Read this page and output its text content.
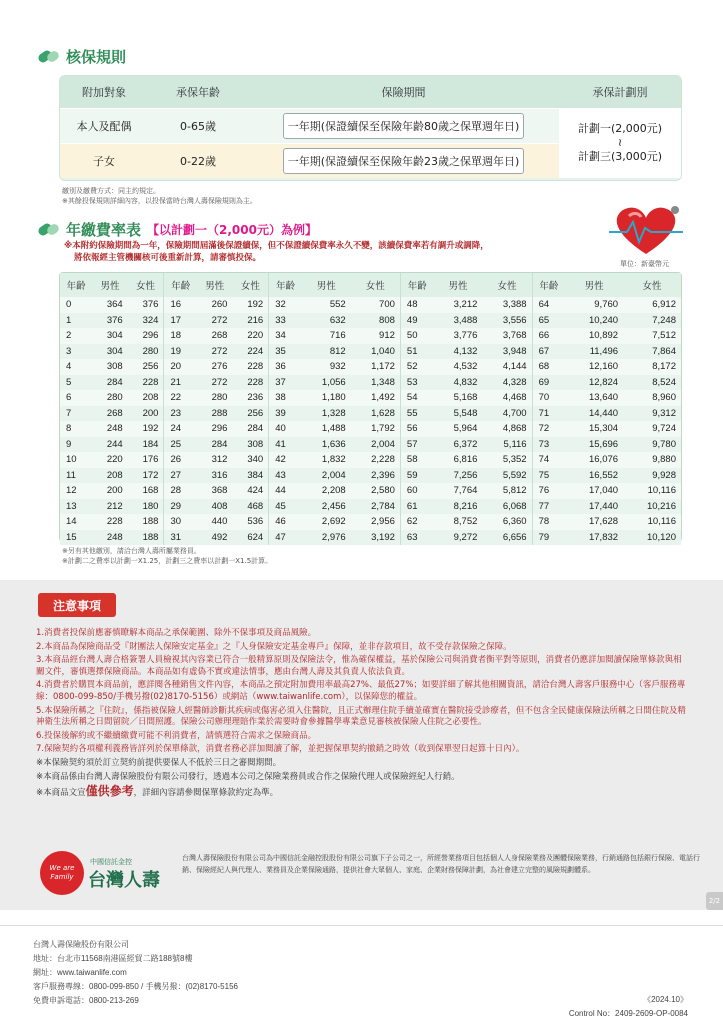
核保規則
附加對象	承保年齡	保險期間	承保計劃別
本人及配偶	0-65歲	一年期(保證續保至保險年齡80歲之保單週年日)	計劃一(2,000元)
≀
計劃三(3,000元)

子女	0-22歲	一年期(保證續保至保險年齡23歲之保單週年日)	
繳別及繳費方式：同主約規定。
※其餘投保規則詳細內容，以投保當時台灣人壽保險規則為主。
年繳費率表 【以計劃一（2,000元）為例】
※本附約保險期間為一年，保險期間屆滿後保證續保，但不保證續保費率永久不變，該續保費率若有調升或調降，
將依報經主管機關核可後重新計算，請審慎投保。
單位：新臺幣元
年齡	男性	女性	年齡	男性	女性	年齡	男性	女性	年齡	男性	女性	年齡	男性	女性
0	364	376	16	260	192	32	552	700	48	3,212	3,388	64	9,760	6,912
1	376	324	17	272	216	33	632	808	49	3,488	3,556	65	10,240	7,248
2	304	296	18	268	220	34	716	912	50	3,776	3,768	66	10,892	7,512
3	304	280	19	272	224	35	812	1,040	51	4,132	3,948	67	11,496	7,864
4	308	256	20	276	228	36	932	1,172	52	4,532	4,144	68	12,160	8,172
5	284	228	21	272	228	37	1,056	1,348	53	4,832	4,328	69	12,824	8,524
6	280	208	22	280	236	38	1,180	1,492	54	5,168	4,468	70	13,640	8,960
7	268	200	23	288	256	39	1,328	1,628	55	5,548	4,700	71	14,440	9,312
8	248	192	24	296	284	40	1,488	1,792	56	5,964	4,868	72	15,304	9,724
9	244	184	25	284	308	41	1,636	2,004	57	6,372	5,116	73	15,696	9,780
10	220	176	26	312	340	42	1,832	2,228	58	6,816	5,352	74	16,076	9,880
11	208	172	27	316	384	43	2,004	2,396	59	7,256	5,592	75	16,552	9,928
12	200	168	28	368	424	44	2,208	2,580	60	7,764	5,812	76	17,040	10,116
13	212	180	29	408	468	45	2,456	2,784	61	8,216	6,068	77	17,440	10,216
14	228	188	30	440	536	46	2,692	2,956	62	8,752	6,360	78	17,628	10,116
15	248	188	31	492	624	47	2,976	3,192	63	9,272	6,656	79	17,832	10,120
※另有其他繳別，請洽台灣人壽所屬業務員。
※計劃二之費率以計劃一X1.25，計劃三之費率以計劃一X1.5計算。
注意事項

1.消費者投保前應審慎瞭解本商品之承保範圍、除外不保事項及商品風險。

2.本商品為保險商品受『財團法人保險安定基金』之『人身保險安定基金專戶』保障，並非存款項目，故不受存款保險之保障。

3.本商品經台灣人壽合格簽署人員檢視其內容業已符合一般精算原則及保險法令，惟為確保權益，基於保險公司與消費者衡平對等原則，消費者仍應詳加閱讀保險單條款與相關文件，審慎選擇保險商品。本商品如有虛偽不實或違法情事，應由台灣人壽及其負責人依法負責。

4.消費者於購買本商品前，應詳閱各種銷售文件內容，本商品之預定附加費用率最高27%、最低27%；如要詳細了解其他相關資訊，請洽台灣人壽客戶服務中心（客戶服務專線：0800-099-850/手機另撥(02)8170-5156）或網站（www.taiwanlife.com），以保障您的權益。

5.本保險所稱之『住院』，係指被保險人經醫師診斷其疾病或傷害必須入住醫院，且正式辦理住院手續並確實在醫院接受診療者，但不包含全民健康保險法所稱之日間住院及精神衛生法所稱之日間留院／日間照護。保險公司辦理理賠作業於需要時會參據醫學專業意見審核被保險人住院之必要性。

6.投保後解約或不繼續繳費可能不利消費者，請慎選符合需求之保險商品。

7.保險契約各項權利義務皆詳列於保單條款，消費者務必詳加閱讀了解，並把握保單契約撤銷之時效（收到保單翌日起算十日內）。

※本保險契約須於訂立契約前提供要保人不低於三日之審閱期間。

※本商品係由台灣人壽保險股份有限公司發行，透過本公司之保險業務員或合作之保險代理人或保險經紀人行銷。

※本商品文宣僅供參考，詳細內容請參閱保單條款約定為準。

We are Family
中國信託金控
台灣人壽
台灣人壽保險股份有限公司為中國信託金融控股股份有限公司旗下子公司之一，所經營業務項目包括個人人身保險業務及團體保險業務，行銷通路包括銀行保險、電話行銷、保險經紀人與代理人、業務員及企業保險通路，提供社會大眾個人、家庭、企業財務保障計劃，為社會建立完整的風險規劃體系。
2/2
台灣人壽保險股份有限公司
地址：台北市11568南港區經貿二路188號8樓
網址：www.taiwanlife.com
客戶服務專線：0800-099-850 / 手機另撥：(02)8170-5156
免費申訴電話：0800-213-269	《2024.10》
Control No：2409-2609-OP-0084
